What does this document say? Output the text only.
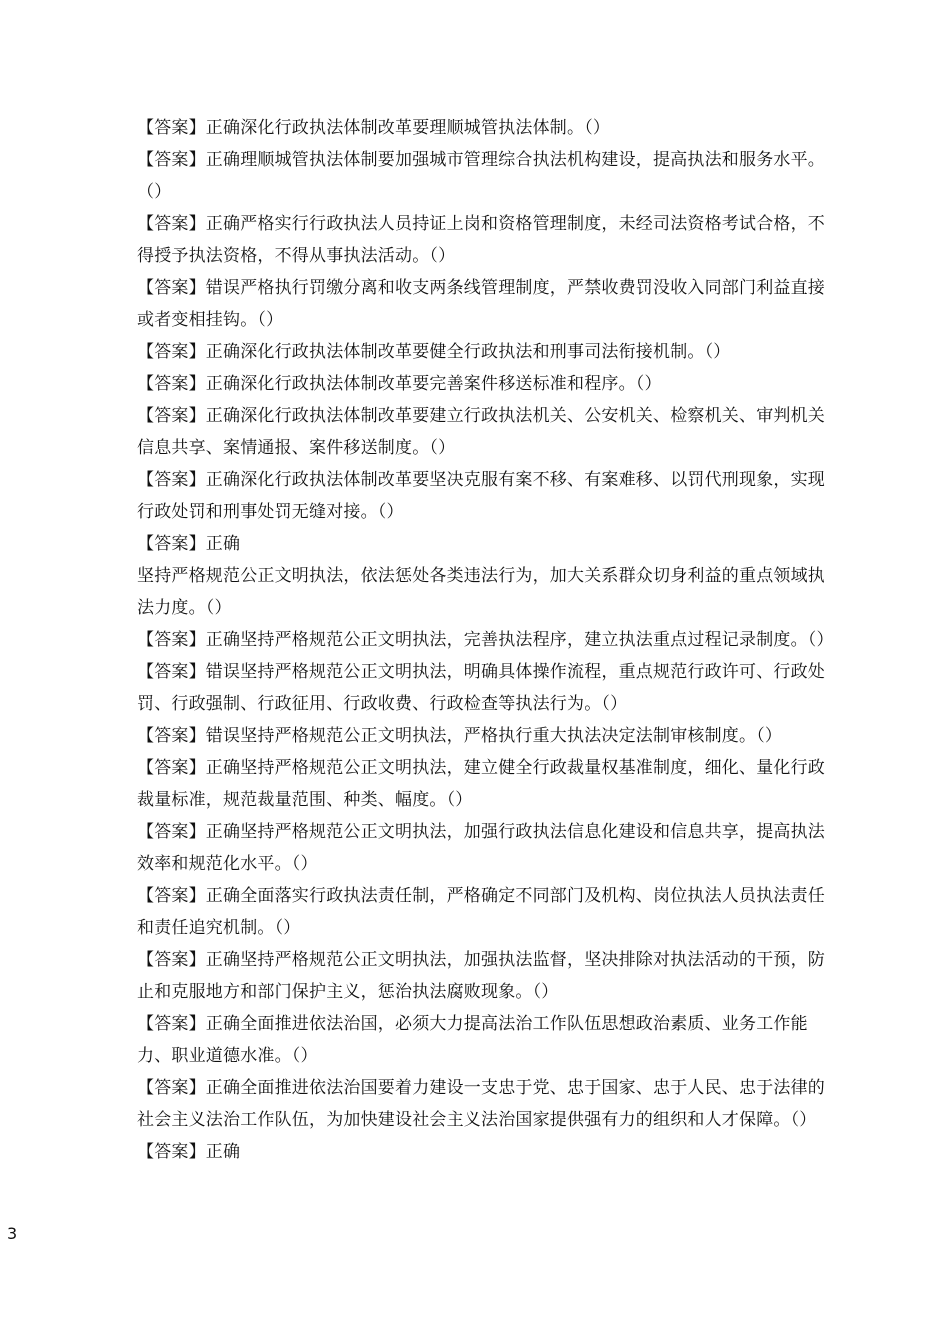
【答案】正确深化行政执法体制改革要理顺城管执法体制。（）

【答案】正确理顺城管执法体制要加强城市管理综合执法机构建设，提高执法和服务水平。（）

【答案】正确严格实行行政执法人员持证上岗和资格管理制度，未经司法资格考试合格，不得授予执法资格，不得从事执法活动。（）

【答案】错误严格执行罚缴分离和收支两条线管理制度，严禁收费罚没收入同部门利益直接或者变相挂钩。（）

【答案】正确深化行政执法体制改革要健全行政执法和刑事司法衔接机制。（）

【答案】正确深化行政执法体制改革要完善案件移送标准和程序。（）

【答案】正确深化行政执法体制改革要建立行政执法机关、公安机关、检察机关、审判机关信息共享、案情通报、案件移送制度。（）

【答案】正确深化行政执法体制改革要坚决克服有案不移、有案难移、以罚代刑现象，实现行政处罚和刑事处罚无缝对接。（）

【答案】正确

坚持严格规范公正文明执法，依法惩处各类违法行为，加大关系群众切身利益的重点领域执法力度。（）

【答案】正确坚持严格规范公正文明执法，完善执法程序，建立执法重点过程记录制度。（）

【答案】错误坚持严格规范公正文明执法，明确具体操作流程，重点规范行政许可、行政处罚、行政强制、行政征用、行政收费、行政检查等执法行为。（）

【答案】错误坚持严格规范公正文明执法，严格执行重大执法决定法制审核制度。（）

【答案】正确坚持严格规范公正文明执法，建立健全行政裁量权基准制度，细化、量化行政裁量标准，规范裁量范围、种类、幅度。（）

【答案】正确坚持严格规范公正文明执法，加强行政执法信息化建设和信息共享，提高执法效率和规范化水平。（）

【答案】正确全面落实行政执法责任制，严格确定不同部门及机构、岗位执法人员执法责任和责任追究机制。（）

【答案】正确坚持严格规范公正文明执法，加强执法监督，坚决排除对执法活动的干预，防止和克服地方和部门保护主义，惩治执法腐败现象。（）

【答案】正确全面推进依法治国，必须大力提高法治工作队伍思想政治素质、业务工作能力、职业道德水准。（）

【答案】正确全面推进依法治国要着力建设一支忠于党、忠于国家、忠于人民、忠于法律的社会主义法治工作队伍，为加快建设社会主义法治国家提供强有力的组织和人才保障。（）

【答案】正确

3
